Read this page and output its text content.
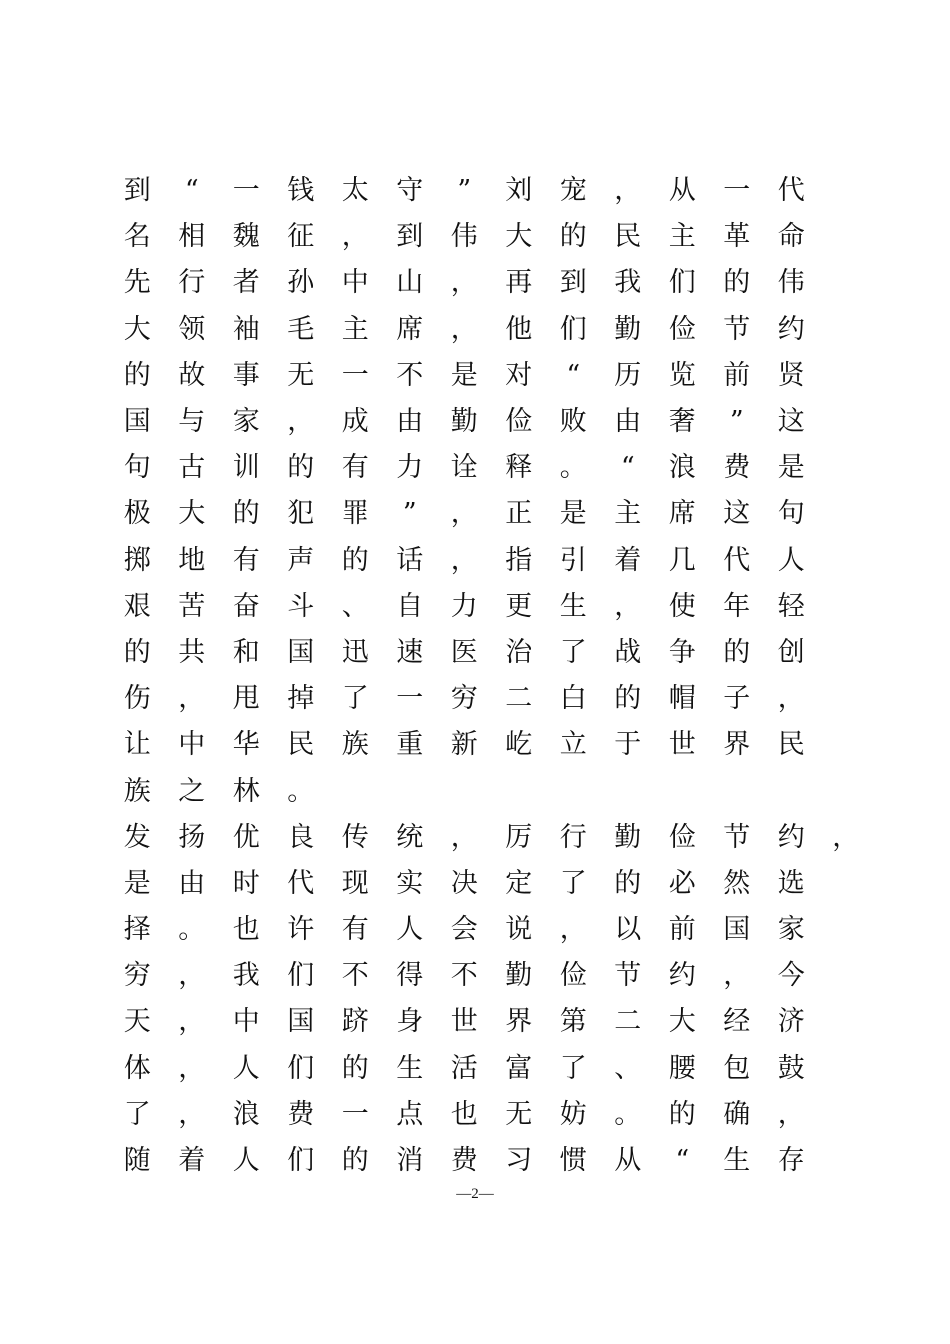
到	“	一	钱	太	守	”	刘	宠	，	从	一	代
名	相	魏	征	，	到	伟	大	的	民	主	革	命
先	行	者	孙	中	山	，	再	到	我	们	的	伟
大	领	袖	毛	主	席	，	他	们	勤	俭	节	约
的	故	事	无	一	不	是	对	“	历	览	前	贤
国	与	家	，	成	由	勤	俭	败	由	奢	”	这
句	古	训	的	有	力	诠	释	。	“	浪	费	是
极	大	的	犯	罪	”	，	正	是	主	席	这	句
掷	地	有	声	的	话	，	指	引	着	几	代	人
艰	苦	奋	斗	、	自	力	更	生	，	使	年	轻
的	共	和	国	迅	速	医	治	了	战	争	的	创
伤	，	甩	掉	了	一	穷	二	白	的	帽	子	，
让	中	华	民	族	重	新	屹	立	于	世	界	民
族	之	林	。
发	扬	优	良	传	统	，	厉	行	勤	俭	节	约	，
是	由	时	代	现	实	决	定	了	的	必	然	选
择	。	也	许	有	人	会	说	，	以	前	国	家
穷	，	我	们	不	得	不	勤	俭	节	约	，	今
天	，	中	国	跻	身	世	界	第	二	大	经	济
体	，	人	们	的	生	活	富	了	、	腰	包	鼓
了	，	浪	费	一	点	也	无	妨	。	的	确	，
随	着	人	们	的	消	费	习	惯	从	“	生	存
—2—
